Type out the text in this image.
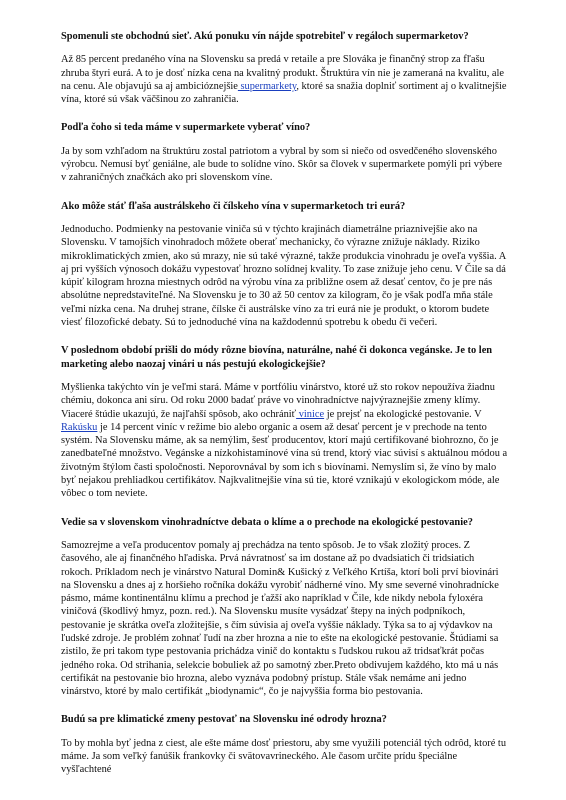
Spomenuli ste obchodnú sieť. Akú ponuku vín nájde spotrebiteľ v regáloch supermarketov?

Až 85 percent predaného vína na Slovensku sa predá v retaile a pre Slováka je finančný strop za fľašu zhruba štyri eurá. A to je dosť nízka cena na kvalitný produkt. Štruktúra vín nie je zameraná na kvalitu, ale na cenu. Ale objavujú sa aj ambicióznejšie supermarkety, ktoré sa snažia doplniť sortiment aj o kvalitnejšie vína, ktoré sú však väčšinou zo zahraničia.

Podľa čoho si teda máme v supermarkete vyberať víno?

Ja by som vzhľadom na štruktúru zostal patriotom a vybral by som si niečo od osvedčeného slovenského výrobcu. Nemusí byť geniálne, ale bude to solídne víno. Skôr sa človek v supermarkete pomýli pri výbere v zahraničných značkách ako pri slovenskom víne.

Ako môže stáť fľaša austrálskeho či čílskeho vína v supermarketoch tri eurá?

Jednoducho. Podmienky na pestovanie viniča sú v týchto krajinách diametrálne priaznivejšie ako na Slovensku. V tamojších vinohradoch môžete oberať mechanicky, čo výrazne znižuje náklady. Riziko mikroklimatických zmien, ako sú mrazy, nie sú také výrazné, takže produkcia vinohradu je oveľa vyššia. A aj pri vyšších výnosoch dokážu vypestovať hrozno solídnej kvality. To zase znižuje jeho cenu. V Čile sa dá kúpiť kilogram hrozna miestnych odrôd na výrobu vína za približne osem až desať centov, čo je pre nás absolútne nepredstaviteľné. Na Slovensku je to 30 až 50 centov za kilogram, čo je však podľa mňa stále veľmi nízka cena. Na druhej strane, čílske či austrálske víno za tri eurá nie je produkt, o ktorom budete viesť filozofické debaty. Sú to jednoduché vína na každodennú spotrebu k obedu či večeri.

V poslednom období prišli do módy rôzne biovína, naturálne, nahé či dokonca vegánske. Je to len marketing alebo naozaj vinári u nás pestujú ekologickejšie?

Myšlienka takýchto vín je veľmi stará. Máme v portfóliu vinárstvo, ktoré už sto rokov nepoužíva žiadnu chémiu, dokonca ani síru. Od roku 2000 badať práve vo vinohradníctve najvýraznejšie zmeny klímy. Viaceré štúdie ukazujú, že najľahší spôsob, ako ochrániť vinice je prejsť na ekologické pestovanie. V Rakúsku je 14 percent viníc v režime bio alebo organic a osem až desať percent je v prechode na tento systém. Na Slovensku máme, ak sa nemýlim, šesť producentov, ktorí majú certifikované biohrozno, čo je zanedbateľné množstvo. Vegánske a nízkohistamínové vína sú trend, ktorý viac súvisí s aktuálnou módou a životným štýlom časti spoločnosti. Neporovnával by som ich s biovínami. Nemyslím si, že víno by malo byť nejakou prehliadkou certifikátov. Najkvalitnejšie vína sú tie, ktoré vznikajú v ekologickom móde, ale vôbec o tom neviete.

Vedie sa v slovenskom vinohradníctve debata o klíme a o prechode na ekologické pestovanie?

Samozrejme a veľa producentov pomaly aj prechádza na tento spôsob. Je to však zložitý proces. Z časového, ale aj finančného hľadiska. Prvá návratnosť sa im dostane až po dvadsiatich či tridsiatich rokoch. Príkladom nech je vinárstvo Natural Domin& Kušický z Veľkého Krtíša, ktorí boli prví biovinári na Slovensku a dnes aj z horšieho ročníka dokážu vyrobiť nádherné víno. My sme severné vinohradnícke pásmo, máme kontinentálnu klímu a prechod je ťažší ako napríklad v Čile, kde nikdy nebola fyloxéra viničová (škodlivý hmyz, pozn. red.). Na Slovensku musíte vysádzať štepy na iných podpníkoch, pestovanie je skrátka oveľa zložitejšie, s čím súvisia aj oveľa vyššie náklady. Týka sa to aj výdavkov na ľudské zdroje. Je problém zohnať ľudí na zber hrozna a nie to ešte na ekologické pestovanie. Štúdiami sa zistilo, že pri takom type pestovania prichádza vinič do kontaktu s ľudskou rukou až tridsaťkrát počas jedného roka. Od strihania, selekcie bobuliek až po samotný zber.Preto obdivujem každého, kto má u nás certifikát na pestovanie bio hrozna, alebo vyznáva podobný prístup. Stále však nemáme ani jedno vinárstvo, ktoré by malo certifikát „biodynamic“, čo je najvyššia forma bio pestovania.

Budú sa pre klimatické zmeny pestovať na Slovensku iné odrody hrozna?

To by mohla byť jedna z ciest, ale ešte máme dosť priestoru, aby sme využili potenciál tých odrôd, ktoré tu máme. Ja som veľký fanúšik frankovky či svätovavrineckého. Ale časom určite prídu špeciálne vyšľachtené
